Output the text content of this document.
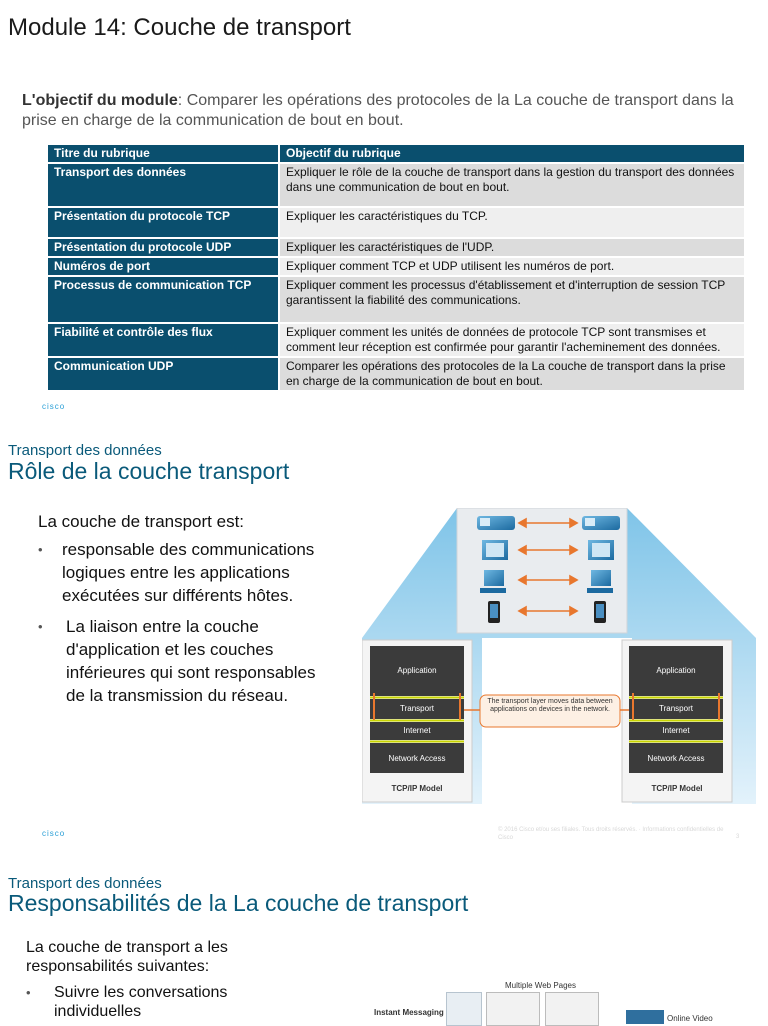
Module 14: Couche de transport
L'objectif du module: Comparer les opérations des protocoles de la La couche de transport dans la prise en charge de la communication de bout en bout.
Titre du rubrique	Objectif du rubrique
Transport des données	Expliquer le rôle de la couche de transport dans la gestion du transport des données dans une communication de bout en bout.
Présentation du protocole TCP	Expliquer les caractéristiques du TCP.
Présentation du protocole UDP	Expliquer les caractéristiques de l'UDP.
Numéros de port	Expliquer comment TCP et UDP utilisent les numéros de port.
Processus de communication TCP	Expliquer comment les processus d'établissement et d'interruption de session TCP garantissent la fiabilité des communications.
Fiabilité et contrôle des flux	Expliquer comment les unités de données de protocole TCP sont transmises et comment leur réception est confirmée pour garantir l'acheminement des données.
Communication UDP	Comparer les opérations des protocoles de la La couche de transport dans la prise en charge de la communication de bout en bout.
cisco
Transport des données
Rôle de la couche transport
La couche de transport est:
• responsable des communications logiques entre les applications exécutées sur différents hôtes.
• La liaison entre la couche d'application et les couches inférieures qui sont responsables de la transmission du réseau.
Application
Transport
Internet
Network Access
TCP/IP Model
Application
Transport
Internet
Network Access
TCP/IP Model
The transport layer moves data between applications on devices in the network.
cisco	© 2016 Cisco et/ou ses filiales. Tous droits réservés. · Informations confidentielles de Cisco	3
Transport des données
Responsabilités de la La couche de transport
La couche de transport a les responsabilités suivantes:
• Suivre les conversations individuelles
Multiple Web Pages
Instant Messaging
Online Video
